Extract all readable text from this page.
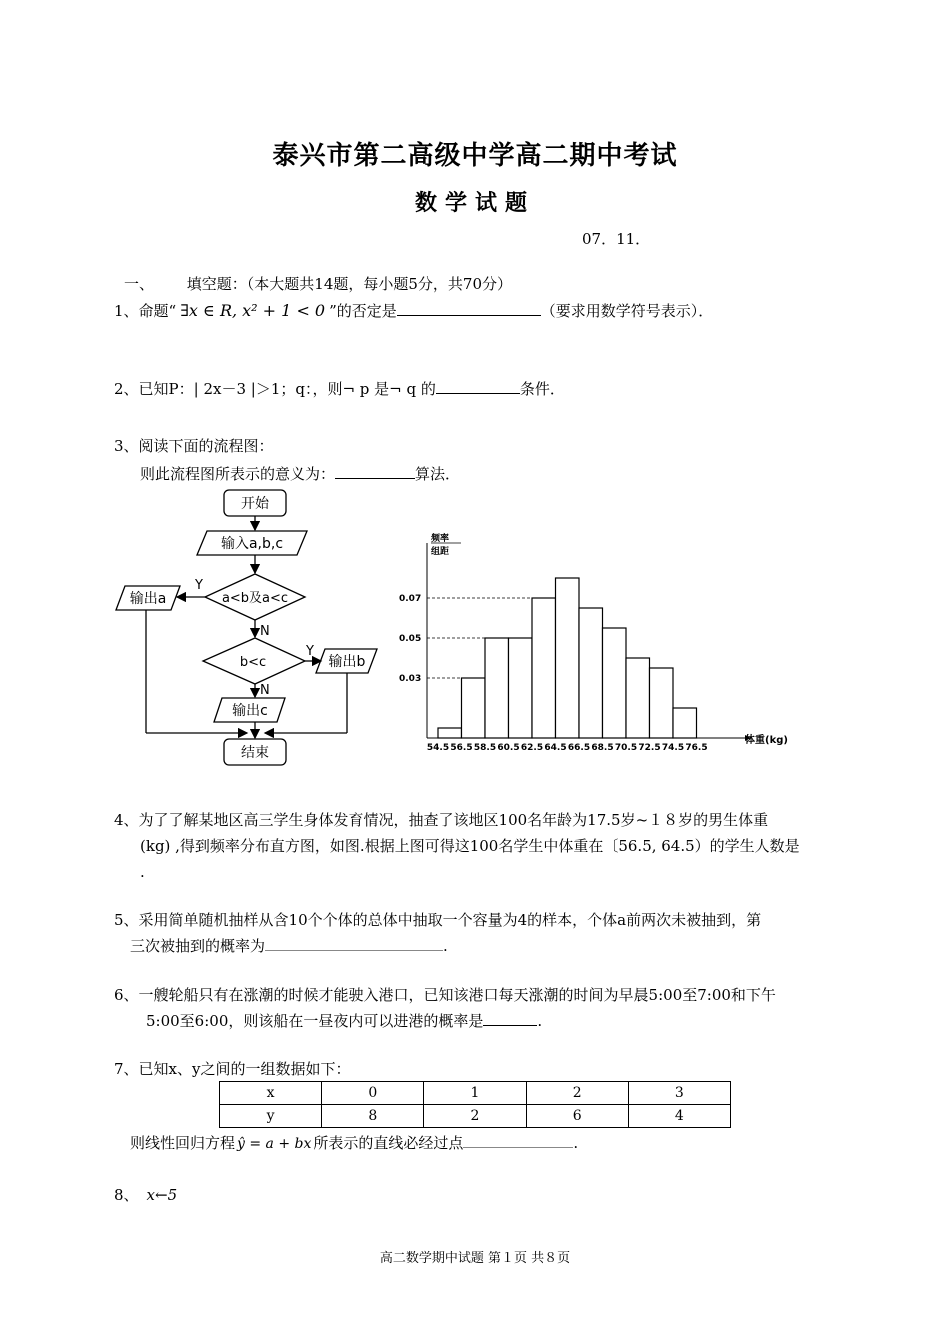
泰兴市第二高级中学高二期中考试
数学试题
07．11．
一、 填空题：（本大题共14题，每小题5分，共70分）
1、命题“ ∃x ∈ R, x² + 1 < 0 ”的否定是	（要求用数学符号表示）．
2、已知P：| 2x－3 |＞1；q：，则¬ p 是¬ q 的	条件．
3、阅读下面的流程图：
则此流程图所表示的意义为：	算法．
开始
输入a,b,c
a<b及a<c
b<c
输出a
输出b
输出c
结束
Y
N
Y
N
频率
组距
0.03
0.05
0.07
54.5 56.5 58.5 60.5 62.5 64.5 66.5 68.5 70.5 72.5 74.5 76.5
体重(kg)
4、为了了解某地区高三学生身体发育情况，抽查了该地区100名年龄为17.5岁~１８岁的男生体重
(kg) ,得到频率分布直方图，如图.根据上图可得这100名学生中体重在〔56.5, 64.5）的学生人数是
.
5、采用简单随机抽样从含10个个体的总体中抽取一个容量为4的样本，个体a前两次未被抽到，第
三次被抽到的概率为	.
6、一艘轮船只有在涨潮的时候才能驶入港口，已知该港口每天涨潮的时间为早晨5:00至7:00和下午
5:00至6:00，则该船在一昼夜内可以进港的概率是	.
7、已知x、y之间的一组数据如下：
x	0	1	2	3
y	8	2	6	4
则线性回归方程 ŷ = a + bx 所表示的直线必经过点	.
8、 x←5
高二数学期中试题 第１页 共８页
